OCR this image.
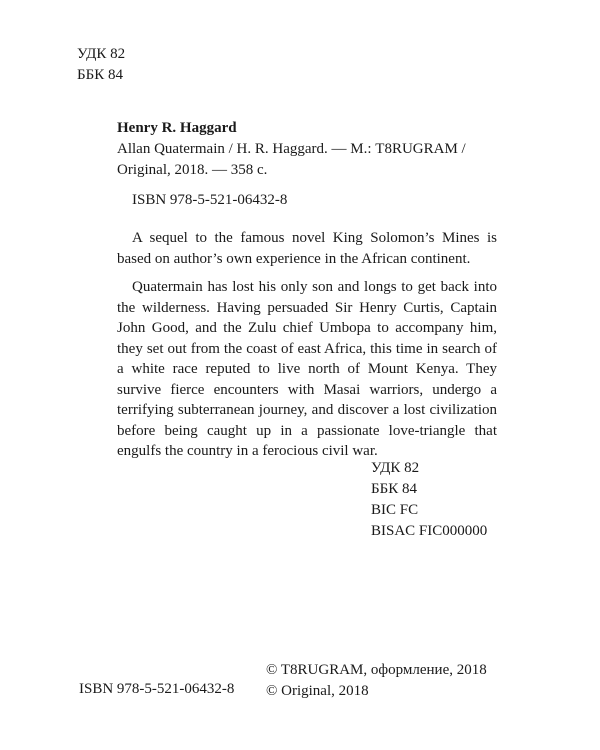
УДК 82
ББК 84
Henry R. Haggard
Allan Quatermain / H. R. Haggard. — М.: T8RUGRAM /
Original, 2018. — 358 с.
ISBN 978-5-521-06432-8

A sequel to the famous novel King Solomon’s Mines is based on author’s own experience in the African continent.

Quatermain has lost his only son and longs to get back into the wilderness. Having persuaded Sir Henry Curtis, Captain John Good, and the Zulu chief Umbopa to accompany him, they set out from the coast of east Africa, this time in search of a white race reputed to live north of Mount Kenya. They survive fierce encounters with Masai warriors, undergo a terrifying subterranean journey, and discover a lost civilization before being caught up in a passionate love-triangle that engulfs the country in a ferocious civil war.

УДК 82
ББК 84
BIC FC
BISAC FIC000000
ISBN 978-5-521-06432-8
© T8RUGRAM, оформление, 2018
© Original, 2018
